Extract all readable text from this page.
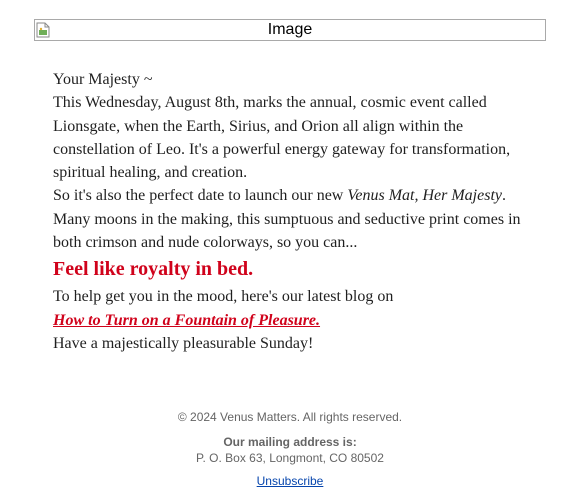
Image

Your Majesty ~

This Wednesday, August 8th, marks the annual, cosmic event called Lionsgate, when the Earth, Sirius, and Orion all align within the constellation of Leo. It's a powerful energy gateway for transformation, spiritual healing, and creation.

So it's also the perfect date to launch our new Venus Mat, Her Majesty. Many moons in the making, this sumptuous and seductive print comes in both crimson and nude colorways, so you can...

Feel like royalty in bed.

To help get you in the mood, here's our latest blog on

How to Turn on a Fountain of Pleasure.

Have a majestically pleasurable Sunday!

© 2024 Venus Matters. All rights reserved.
Our mailing address is:
P. O. Box 63, Longmont, CO 80502
Unsubscribe
